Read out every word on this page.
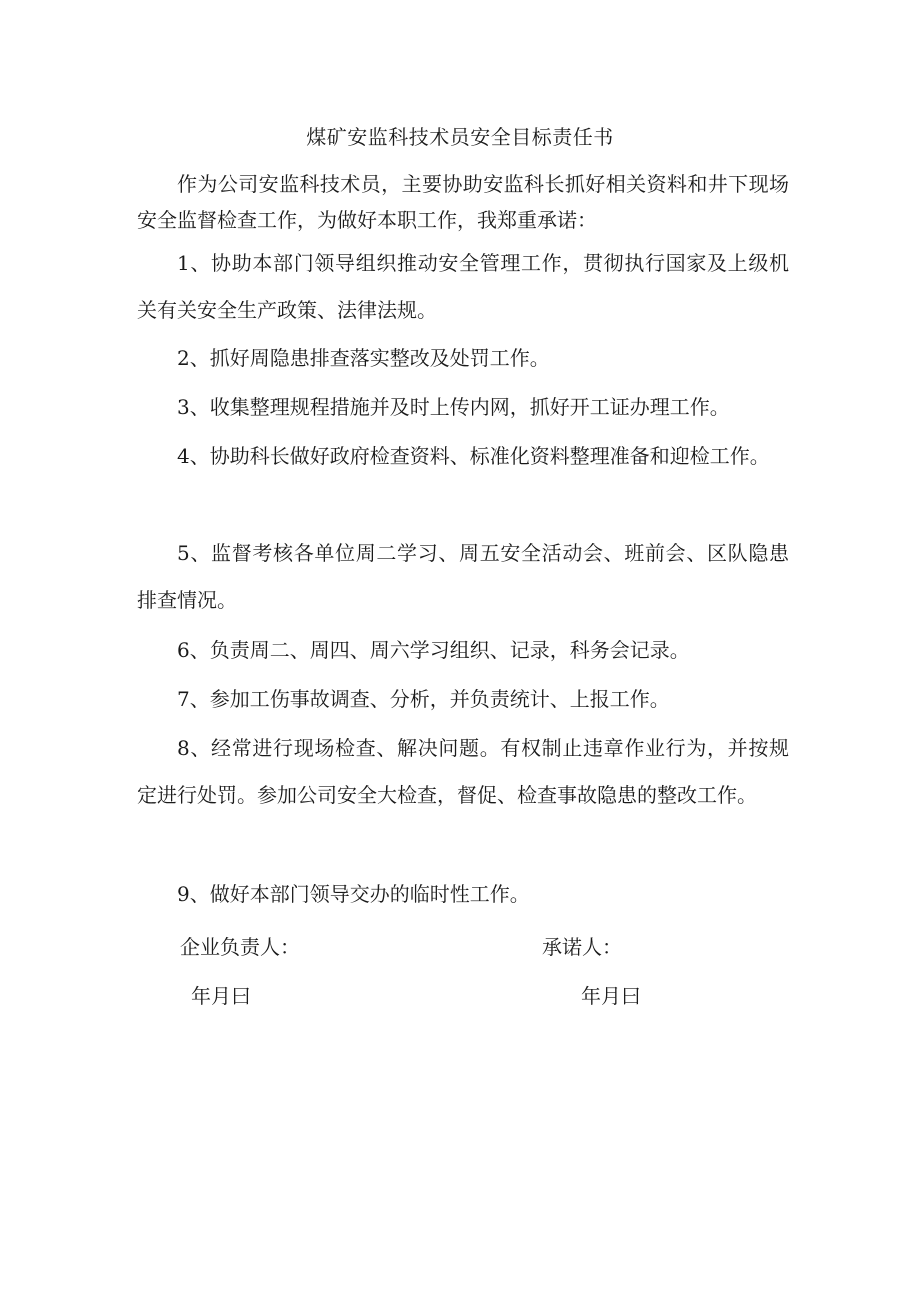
煤矿安监科技术员安全目标责任书

作为公司安监科技术员，主要协助安监科长抓好相关资料和井下现场安全监督检查工作，为做好本职工作，我郑重承诺：

1、协助本部门领导组织推动安全管理工作，贯彻执行国家及上级机关有关安全生产政策、法律法规。

2、抓好周隐患排查落实整改及处罚工作。

3、收集整理规程措施并及时上传内网，抓好开工证办理工作。

4、协助科长做好政府检查资料、标准化资料整理准备和迎检工作。

5、监督考核各单位周二学习、周五安全活动会、班前会、区队隐患排查情况。

6、负责周二、周四、周六学习组织、记录，科务会记录。

7、参加工伤事故调查、分析，并负责统计、上报工作。

8、经常进行现场检查、解决问题。有权制止违章作业行为，并按规定进行处罚。参加公司安全大检查，督促、检查事故隐患的整改工作。

9、做好本部门领导交办的临时性工作。

企业负责人：	承诺人：
年月曰	年月曰
